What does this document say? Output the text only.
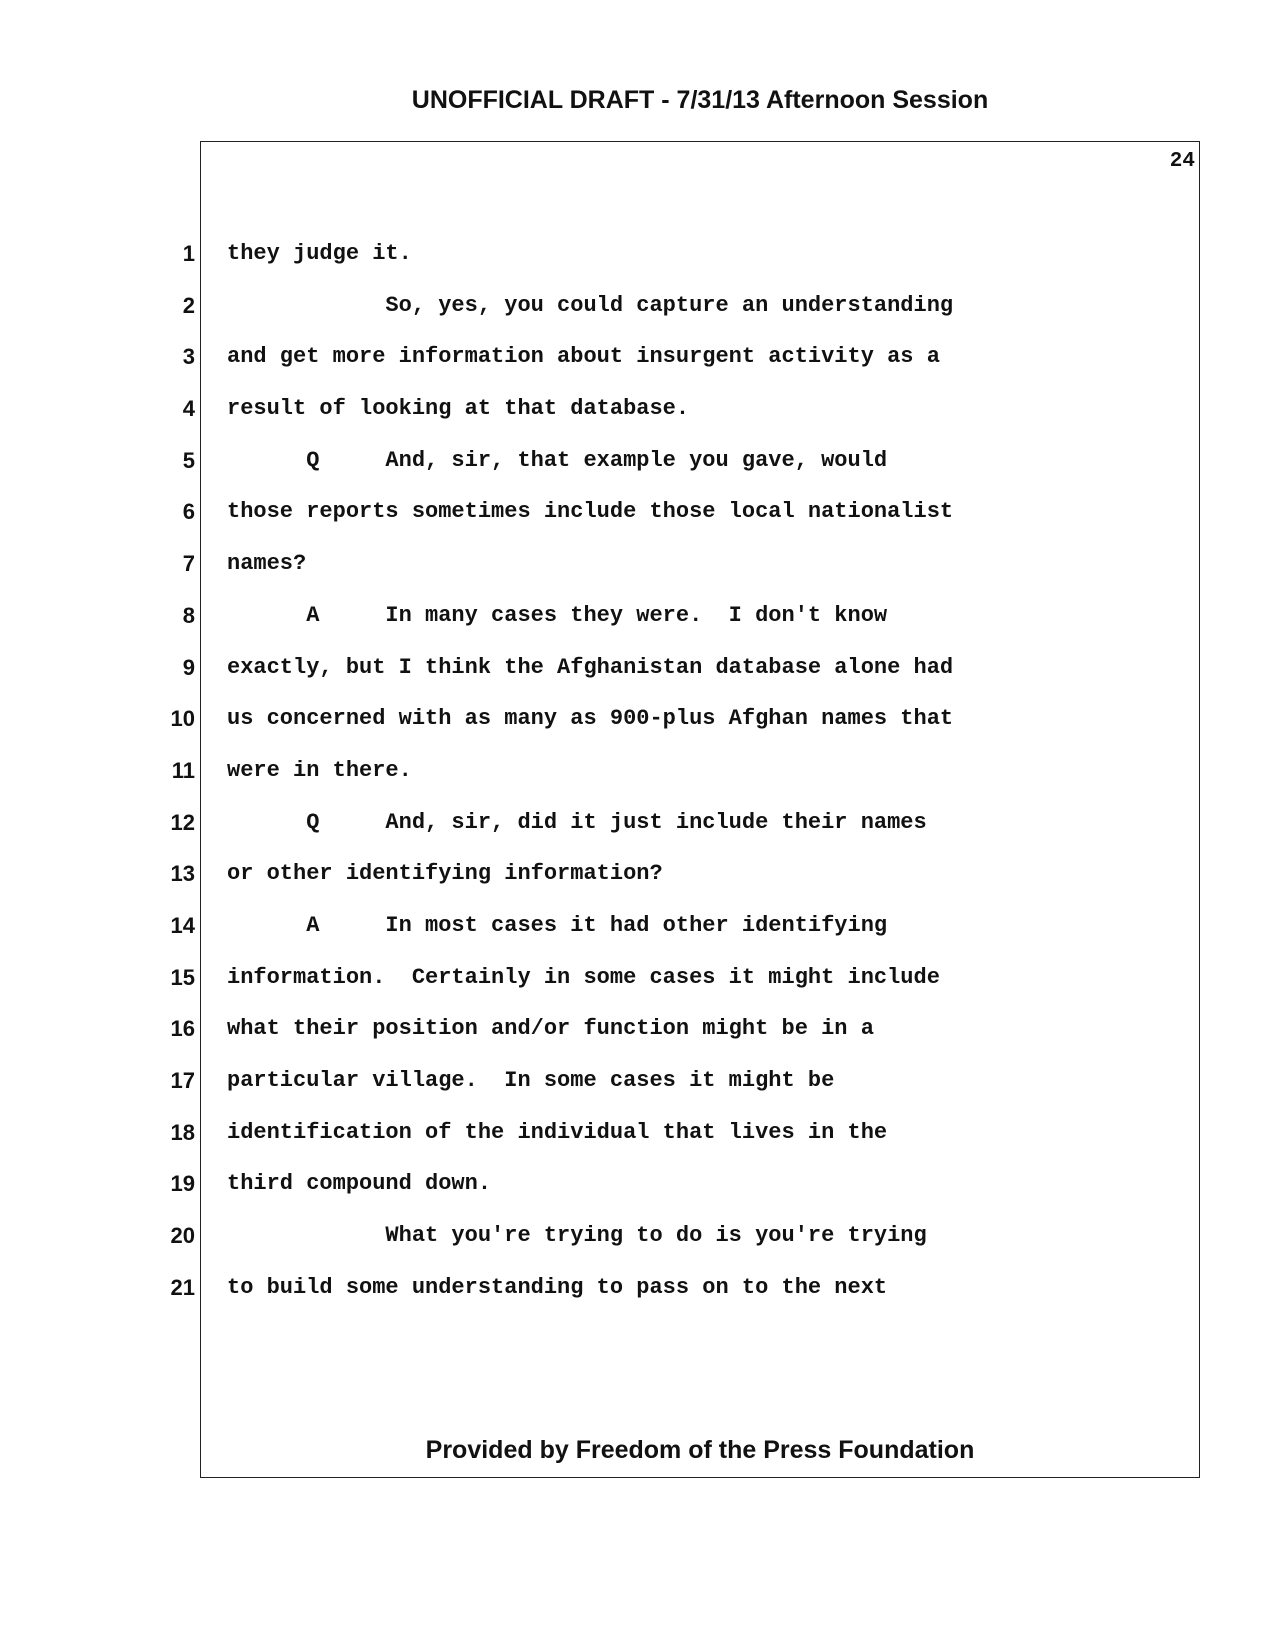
UNOFFICIAL DRAFT - 7/31/13 Afternoon Session
24
1 they judge it.
2 So, yes, you could capture an understanding
3 and get more information about insurgent activity as a
4 result of looking at that database.
5 Q     And, sir, that example you gave, would
6 those reports sometimes include those local nationalist
7 names?
8 A     In many cases they were.  I don't know
9 exactly, but I think the Afghanistan database alone had
10 us concerned with as many as 900-plus Afghan names that
11 were in there.
12 Q     And, sir, did it just include their names
13 or other identifying information?
14 A     In most cases it had other identifying
15 information.  Certainly in some cases it might include
16 what their position and/or function might be in a
17 particular village.  In some cases it might be
18 identification of the individual that lives in the
19 third compound down.
20 What you're trying to do is you're trying
21 to build some understanding to pass on to the next
Provided by Freedom of the Press Foundation
